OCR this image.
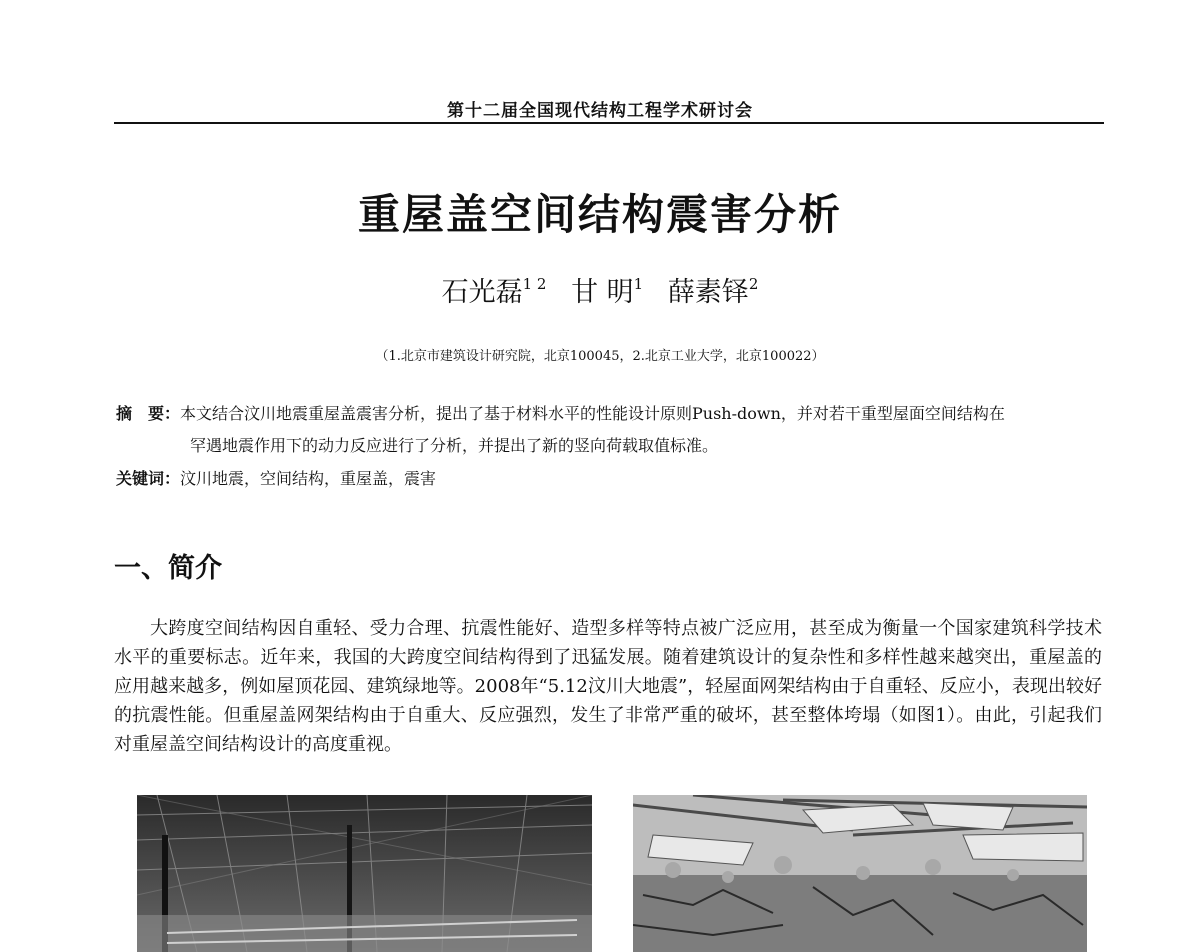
第十二届全国现代结构工程学术研讨会
重屋盖空间结构震害分析
石光磊$^{1 2}$ 甘 明$^1$ 薛素铎$^2$
（1.北京市建筑设计研究院，北京100045，2.北京工业大学，北京100022）
摘　要：本文结合汶川地震重屋盖震害分析，提出了基于材料水平的性能设计原则Push-down，并对若干重型屋面空间结构在
罕遇地震作用下的动力反应进行了分析，并提出了新的竖向荷载取值标准。
关键词：汶川地震，空间结构，重屋盖，震害
一、简介

大跨度空间结构因自重轻、受力合理、抗震性能好、造型多样等特点被广泛应用，甚至成为衡量一个国家建筑科学技术水平的重要标志。近年来，我国的大跨度空间结构得到了迅猛发展。随着建筑设计的复杂性和多样性越来越突出，重屋盖的应用越来越多，例如屋顶花园、建筑绿地等。2008年“5.12汶川大地震”，轻屋面网架结构由于自重轻、反应小，表现出较好的抗震性能。但重屋盖网架结构由于自重大、反应强烈，发生了非常严重的破坏，甚至整体垮塌（如图1）。由此，引起我们对重屋盖空间结构设计的高度重视。
